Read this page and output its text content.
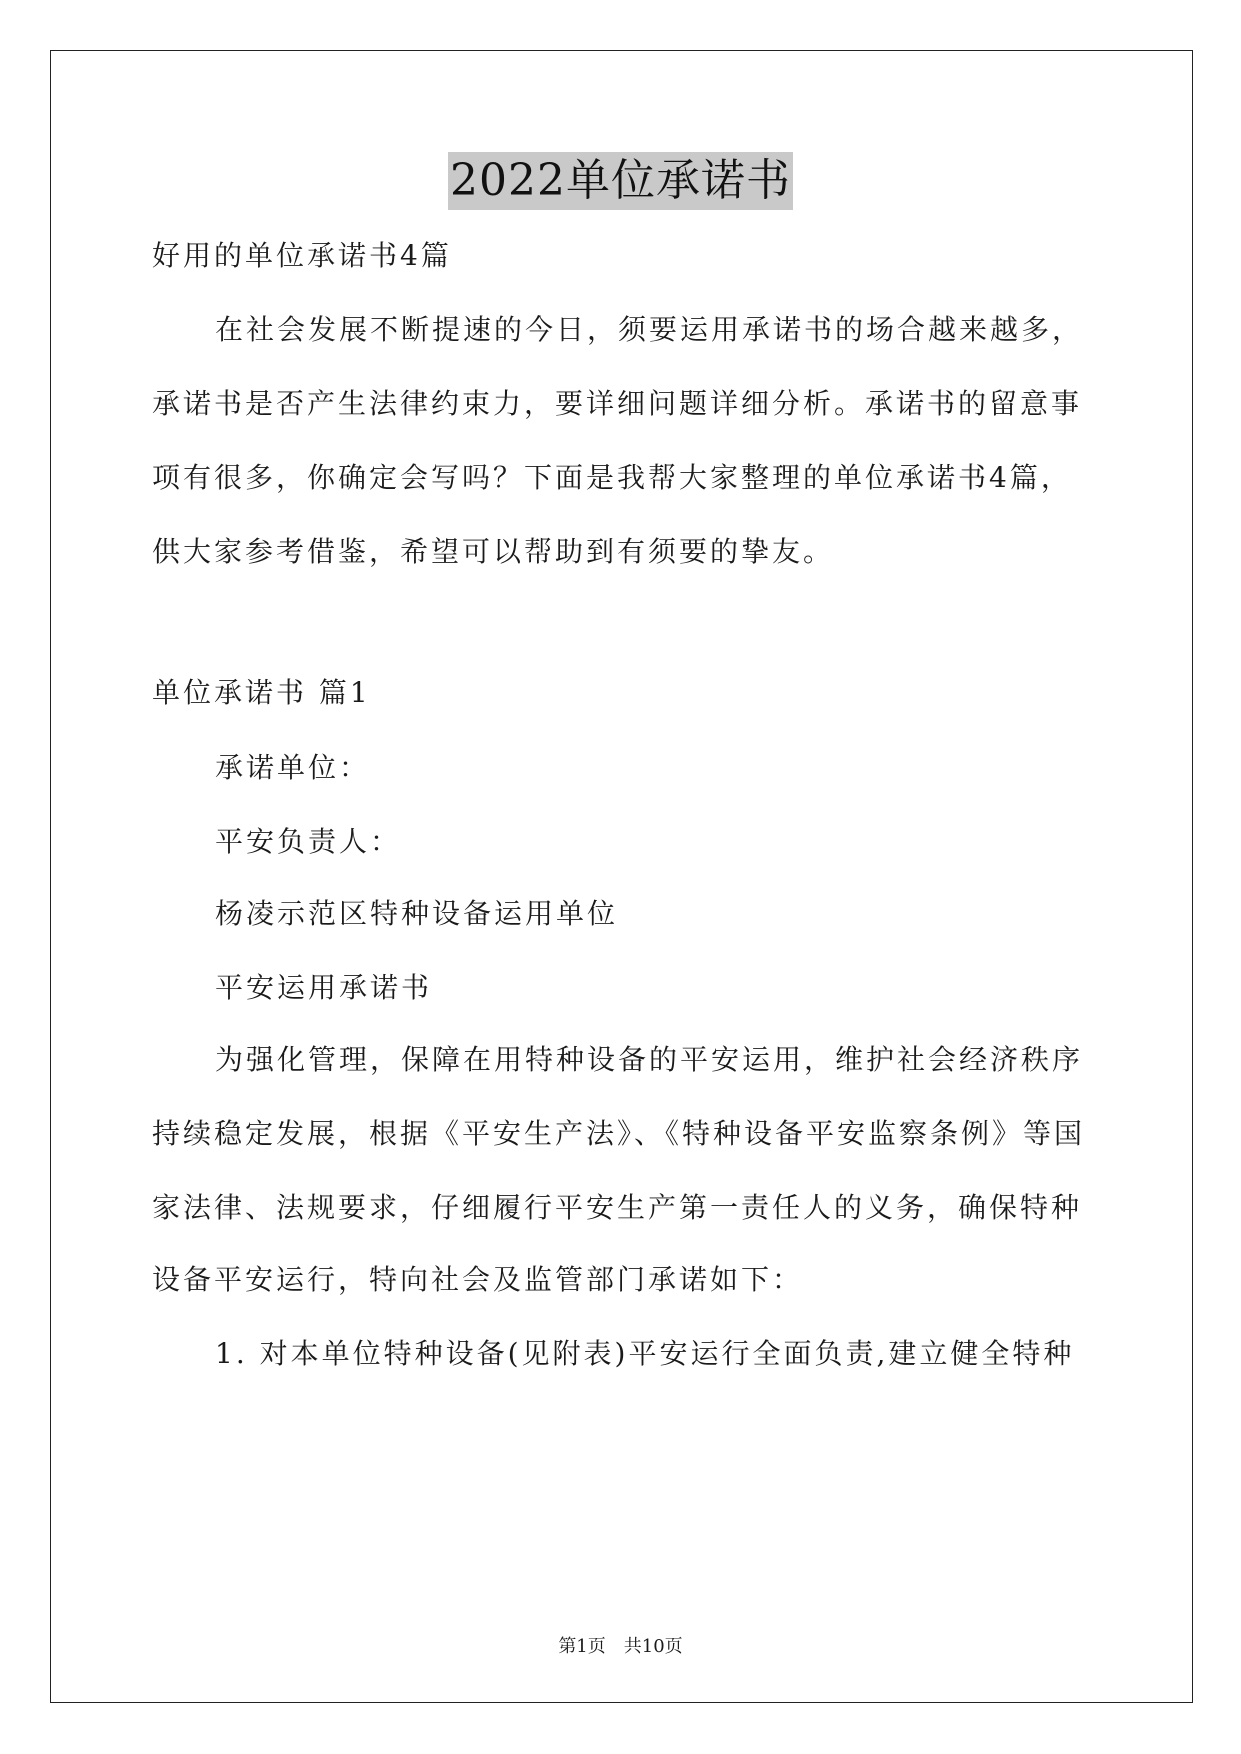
2022单位承诺书
好用的单位承诺书4篇
在社会发展不断提速的今日，须要运用承诺书的场合越来越多，
承诺书是否产生法律约束力，要详细问题详细分析。承诺书的留意事
项有很多，你确定会写吗？下面是我帮大家整理的单位承诺书4篇，
供大家参考借鉴，希望可以帮助到有须要的挚友。
单位承诺书 篇1
承诺单位：
平安负责人：
杨凌示范区特种设备运用单位
平安运用承诺书
为强化管理，保障在用特种设备的平安运用，维护社会经济秩序
持续稳定发展，根据《平安生产法》、《特种设备平安监察条例》等国
家法律、法规要求，仔细履行平安生产第一责任人的义务，确保特种
设备平安运行，特向社会及监管部门承诺如下：
1. 对本单位特种设备(见附表)平安运行全面负责,建立健全特种
第1页　共10页
